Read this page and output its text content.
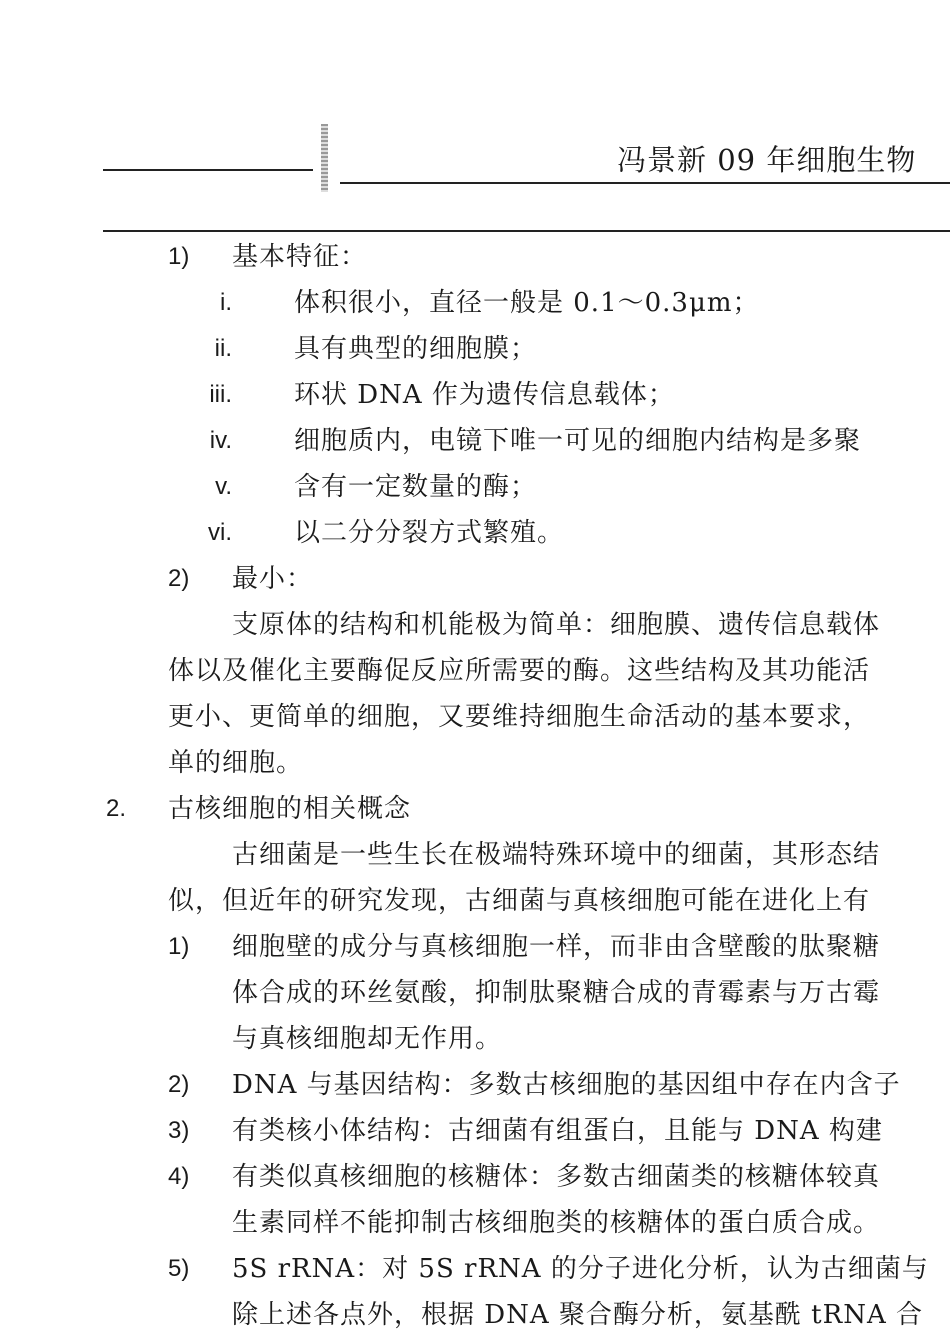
冯景新 09 年细胞生物
1) 基本特征：
i. 体积很小，直径一般是 0.1～0.3μm；
ii. 具有典型的细胞膜；
iii. 环状 DNA 作为遗传信息载体；
iv. 细胞质内，电镜下唯一可见的细胞内结构是多聚
v. 含有一定数量的酶；
vi. 以二分分裂方式繁殖。
2) 最小：
支原体的结构和机能极为简单：细胞膜、遗传信息载体
体以及催化主要酶促反应所需要的酶。这些结构及其功能活
更小、更简单的细胞，又要维持细胞生命活动的基本要求，
单的细胞。
2. 古核细胞的相关概念
古细菌是一些生长在极端特殊环境中的细菌，其形态结
似，但近年的研究发现，古细菌与真核细胞可能在进化上有
1) 细胞壁的成分与真核细胞一样，而非由含壁酸的肽聚糖
体合成的环丝氨酸，抑制肽聚糖合成的青霉素与万古霉
与真核细胞却无作用。
2) DNA 与基因结构：多数古核细胞的基因组中存在内含子
3) 有类核小体结构：古细菌有组蛋白，且能与 DNA 构建
4) 有类似真核细胞的核糖体：多数古细菌类的核糖体较真
生素同样不能抑制古核细胞类的核糖体的蛋白质合成。
5) 5S rRNA：对 5S rRNA 的分子进化分析，认为古细菌与
除上述各点外，根据 DNA 聚合酶分析，氨基酰 tRNA 合
